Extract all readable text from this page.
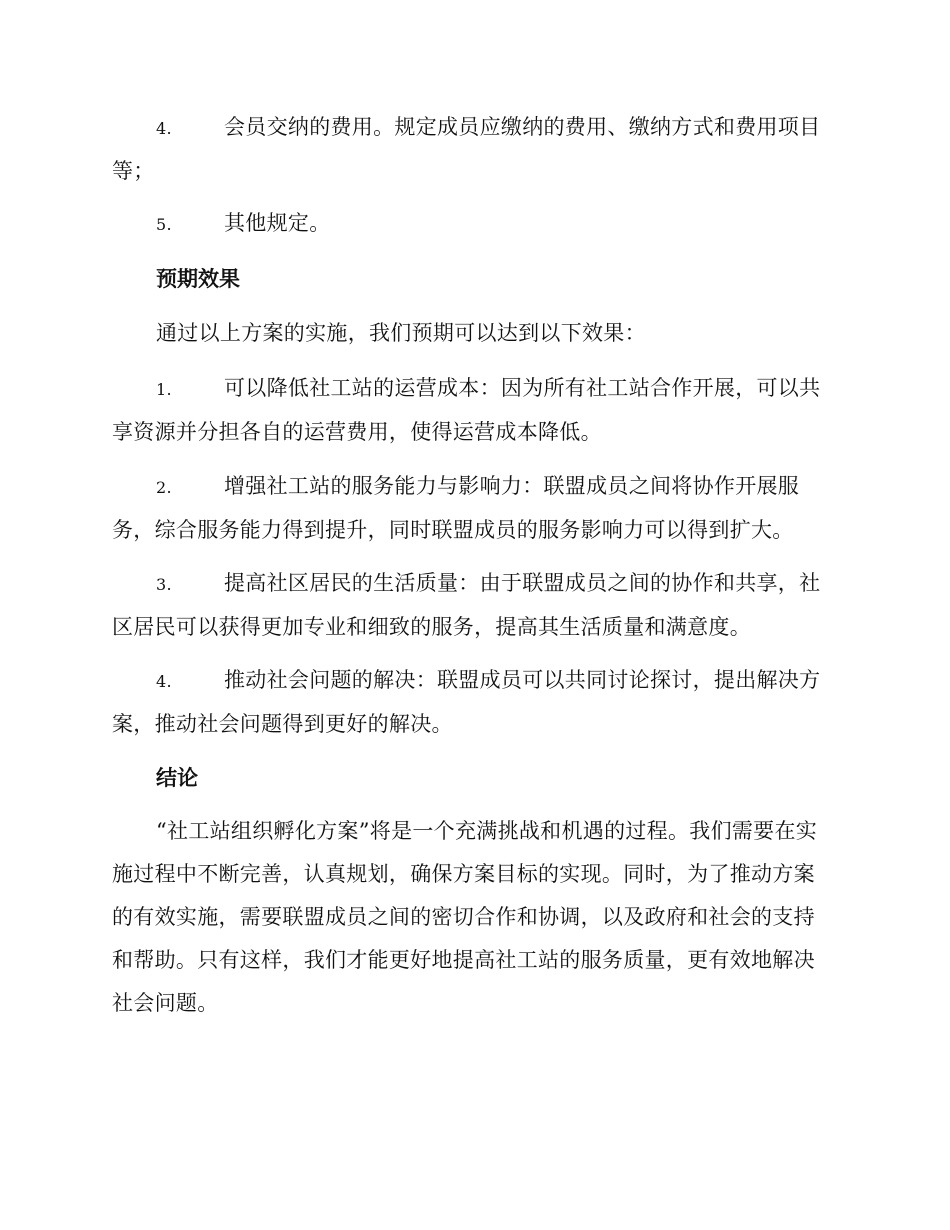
4. 会员交纳的费用。规定成员应缴纳的费用、缴纳方式和费用项目等；

5. 其他规定。

预期效果

通过以上方案的实施，我们预期可以达到以下效果：

1. 可以降低社工站的运营成本：因为所有社工站合作开展，可以共享资源并分担各自的运营费用，使得运营成本降低。

2. 增强社工站的服务能力与影响力：联盟成员之间将协作开展服务，综合服务能力得到提升，同时联盟成员的服务影响力可以得到扩大。

3. 提高社区居民的生活质量：由于联盟成员之间的协作和共享，社区居民可以获得更加专业和细致的服务，提高其生活质量和满意度。

4. 推动社会问题的解决：联盟成员可以共同讨论探讨，提出解决方案，推动社会问题得到更好的解决。

结论

“社工站组织孵化方案”将是一个充满挑战和机遇的过程。我们需要在实施过程中不断完善，认真规划，确保方案目标的实现。同时，为了推动方案的有效实施，需要联盟成员之间的密切合作和协调，以及政府和社会的支持和帮助。只有这样，我们才能更好地提高社工站的服务质量，更有效地解决社会问题。
